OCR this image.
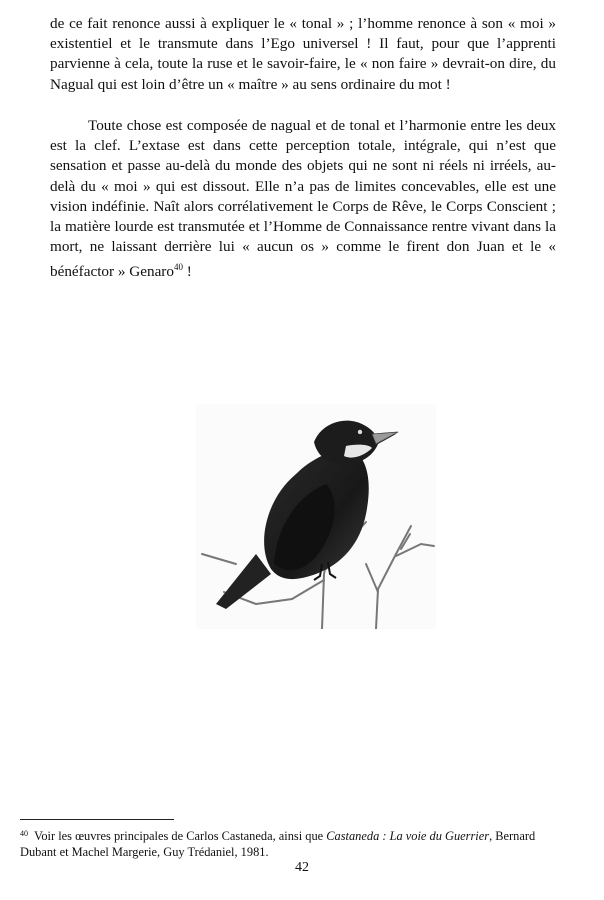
de ce fait renonce aussi à expliquer le « tonal » ; l’homme renonce à son « moi » existentiel et le transmute dans l’Ego universel ! Il faut, pour que l’apprenti parvienne à cela, toute la ruse et le savoir-faire, le « non faire » devrait-on dire, du Nagual qui est loin d’être un « maître » au sens ordinaire du mot !

Toute chose est composée de nagual et de tonal et l’harmonie entre les deux est la clef. L’extase est dans cette perception totale, intégrale, qui n’est que sensation et passe au-delà du monde des objets qui ne sont ni réels ni irréels, au-delà du « moi » qui est dissout. Elle n’a pas de limites concevables, elle est une vision indéfinie. Naît alors corrélativement le Corps de Rêve, le Corps Conscient ; la matière lourde est transmutée et l’Homme de Connaissance rentre vivant dans la mort, ne laissant derrière lui « aucun os » comme le firent don Juan et le « bénéfactor » Genaro$^{40}$ !

$^{40}$ Voir les œuvres principales de Carlos Castaneda, ainsi que Castaneda : La voie du Guerrier, Bernard Dubant et Machel Margerie, Guy Trédaniel, 1981.

42
